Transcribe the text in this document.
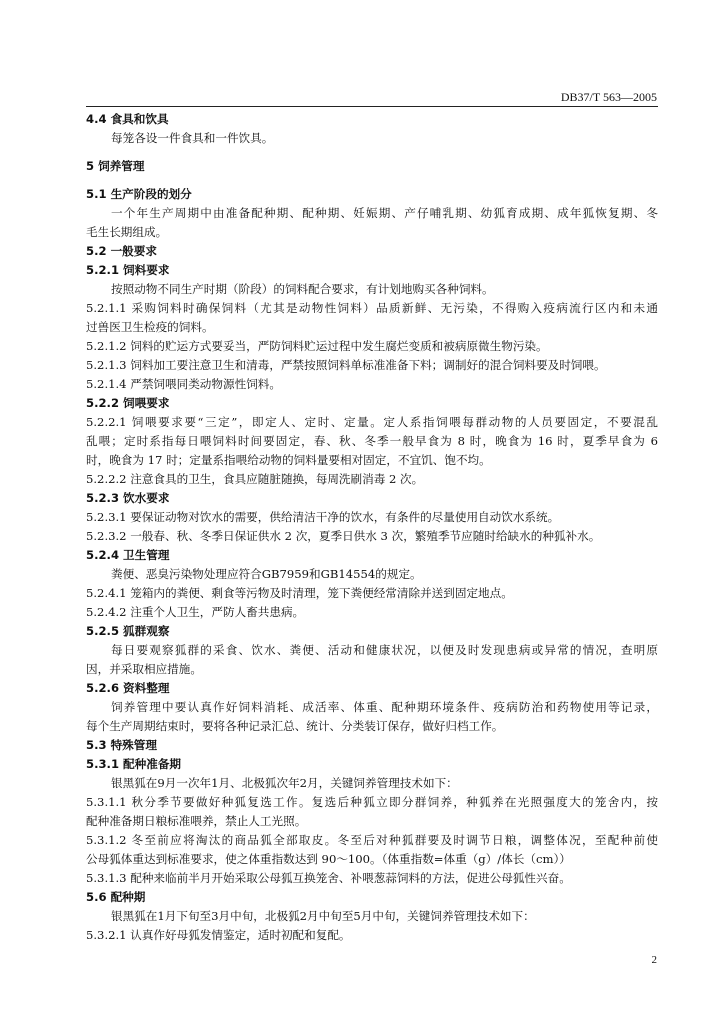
DB37/T 563—2005
4.4 食具和饮具
每笼各设一件食具和一件饮具。
5 饲养管理
5.1 生产阶段的划分
一个年生产周期中由准备配种期、配种期、妊娠期、产仔哺乳期、幼狐育成期、成年狐恢复期、冬
毛生长期组成。
5.2 一般要求
5.2.1 饲料要求
按照动物不同生产时期（阶段）的饲料配合要求，有计划地购买各种饲料。
5.2.1.1 采购饲料时确保饲料（尤其是动物性饲料）品质新鲜、无污染，不得购入疫病流行区内和未通
过兽医卫生检疫的饲料。
5.2.1.2 饲料的贮运方式要妥当，严防饲料贮运过程中发生腐烂变质和被病原微生物污染。
5.2.1.3 饲料加工要注意卫生和清毒，严禁按照饲料单标准准备下料；调制好的混合饲料要及时饲喂。
5.2.1.4 严禁饲喂同类动物源性饲料。
5.2.2 饲喂要求
5.2.2.1 饲喂要求要“三定”，即定人、定时、定量。定人系指饲喂每群动物的人员要固定，不要混乱
乱喂；定时系指每日喂饲料时间要固定，春、秋、冬季一般早食为 8 时，晚食为 16 时，夏季早食为 6
时，晚食为 17 时；定量系指喂给动物的饲料量要相对固定，不宜饥、饱不均。
5.2.2.2 注意食具的卫生，食具应随脏随换，每周洗刷消毒 2 次。
5.2.3 饮水要求
5.2.3.1 要保证动物对饮水的需要，供给清洁干净的饮水，有条件的尽量使用自动饮水系统。
5.2.3.2 一般春、秋、冬季日保证供水 2 次，夏季日供水 3 次，繁殖季节应随时给缺水的种狐补水。
5.2.4 卫生管理
粪便、恶臭污染物处理应符合GB7959和GB14554的规定。
5.2.4.1 笼箱内的粪便、剩食等污物及时清理，笼下粪便经常清除并送到固定地点。
5.2.4.2 注重个人卫生，严防人畜共患病。
5.2.5 狐群观察
每日要观察狐群的采食、饮水、粪便、活动和健康状况，以便及时发现患病或异常的情况，查明原
因，并采取相应措施。
5.2.6 资料整理
饲养管理中要认真作好饲料消耗、成活率、体重、配种期环境条件、疫病防治和药物使用等记录，
每个生产周期结束时，要将各种记录汇总、统计、分类装订保存，做好归档工作。
5.3 特殊管理
5.3.1 配种准备期
银黑狐在9月一次年1月、北极狐次年2月，关键饲养管理技术如下：
5.3.1.1 秋分季节要做好种狐复选工作。复选后种狐立即分群饲养，种狐养在光照强度大的笼舍内，按
配种准备期日粮标准喂养，禁止人工光照。
5.3.1.2 冬至前应将淘汰的商品狐全部取皮。冬至后对种狐群要及时调节日粮，调整体况，至配种前使
公母狐体重达到标准要求，使之体重指数达到 90～100。（体重指数=体重（g）/体长（cm））
5.3.1.3 配种来临前半月开始采取公母狐互换笼舍、补喂葱蒜饲料的方法，促进公母狐性兴奋。
5.6 配种期
银黑狐在1月下旬至3月中旬，北极狐2月中旬至5月中旬，关键饲养管理技术如下：
5.3.2.1 认真作好母狐发情鉴定，适时初配和复配。
2
